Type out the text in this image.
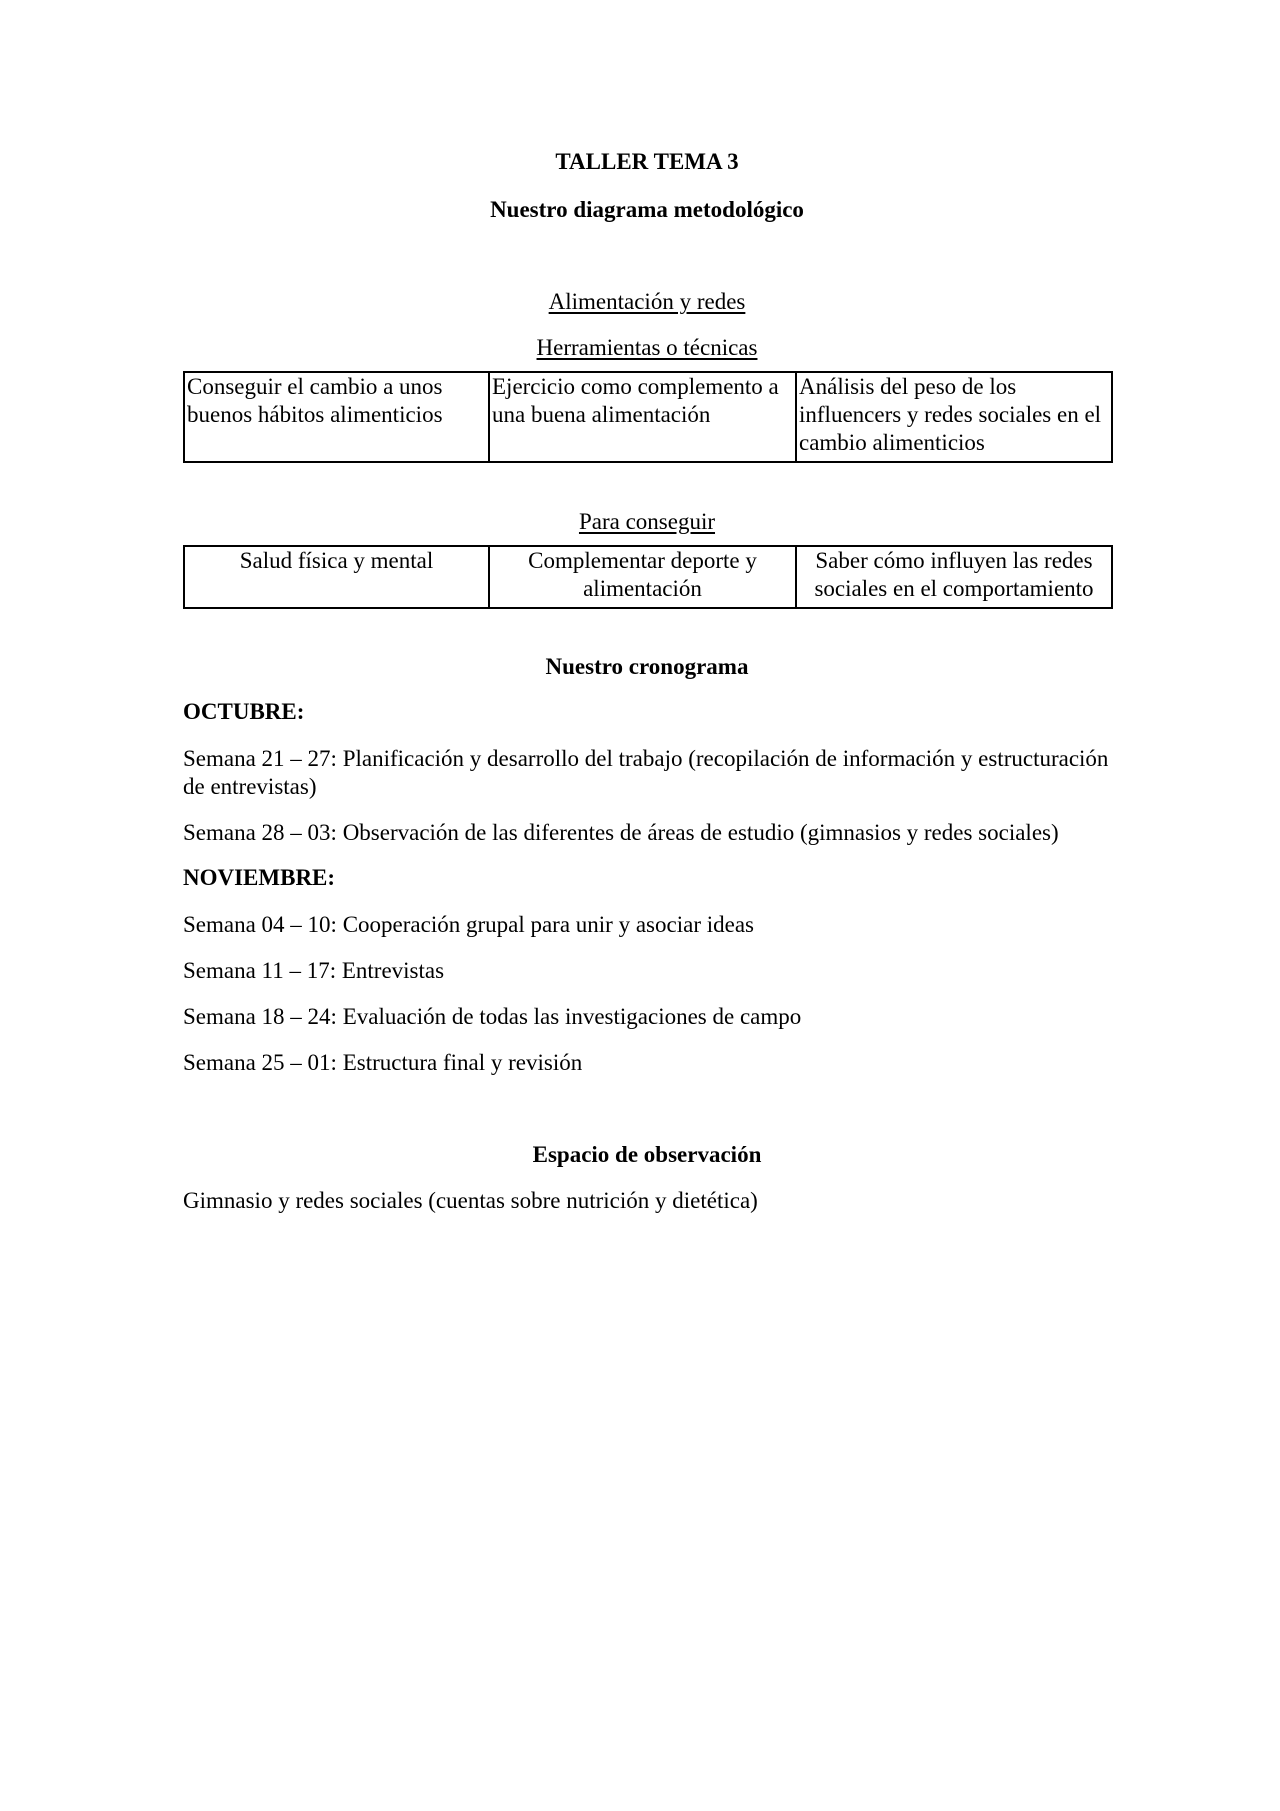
TALLER TEMA 3
Nuestro diagrama metodológico
Alimentación y redes
Herramientas o técnicas
Conseguir el cambio a unos buenos hábitos alimenticios	Ejercicio como complemento a una buena alimentación	Análisis del peso de los influencers y redes sociales en el cambio alimenticios
Para conseguir
Salud física y mental	Complementar deporte y alimentación	Saber cómo influyen las redes sociales en el comportamiento
Nuestro cronograma
OCTUBRE:
Semana 21 – 27: Planificación y desarrollo del trabajo (recopilación de información y estructuración de entrevistas)
Semana 28 – 03: Observación de las diferentes de áreas de estudio (gimnasios y redes sociales)
NOVIEMBRE:
Semana 04 – 10: Cooperación grupal para unir y asociar ideas
Semana 11 – 17: Entrevistas
Semana 18 – 24: Evaluación de todas las investigaciones de campo
Semana 25 – 01: Estructura final y revisión
Espacio de observación
Gimnasio y redes sociales (cuentas sobre nutrición y dietética)
